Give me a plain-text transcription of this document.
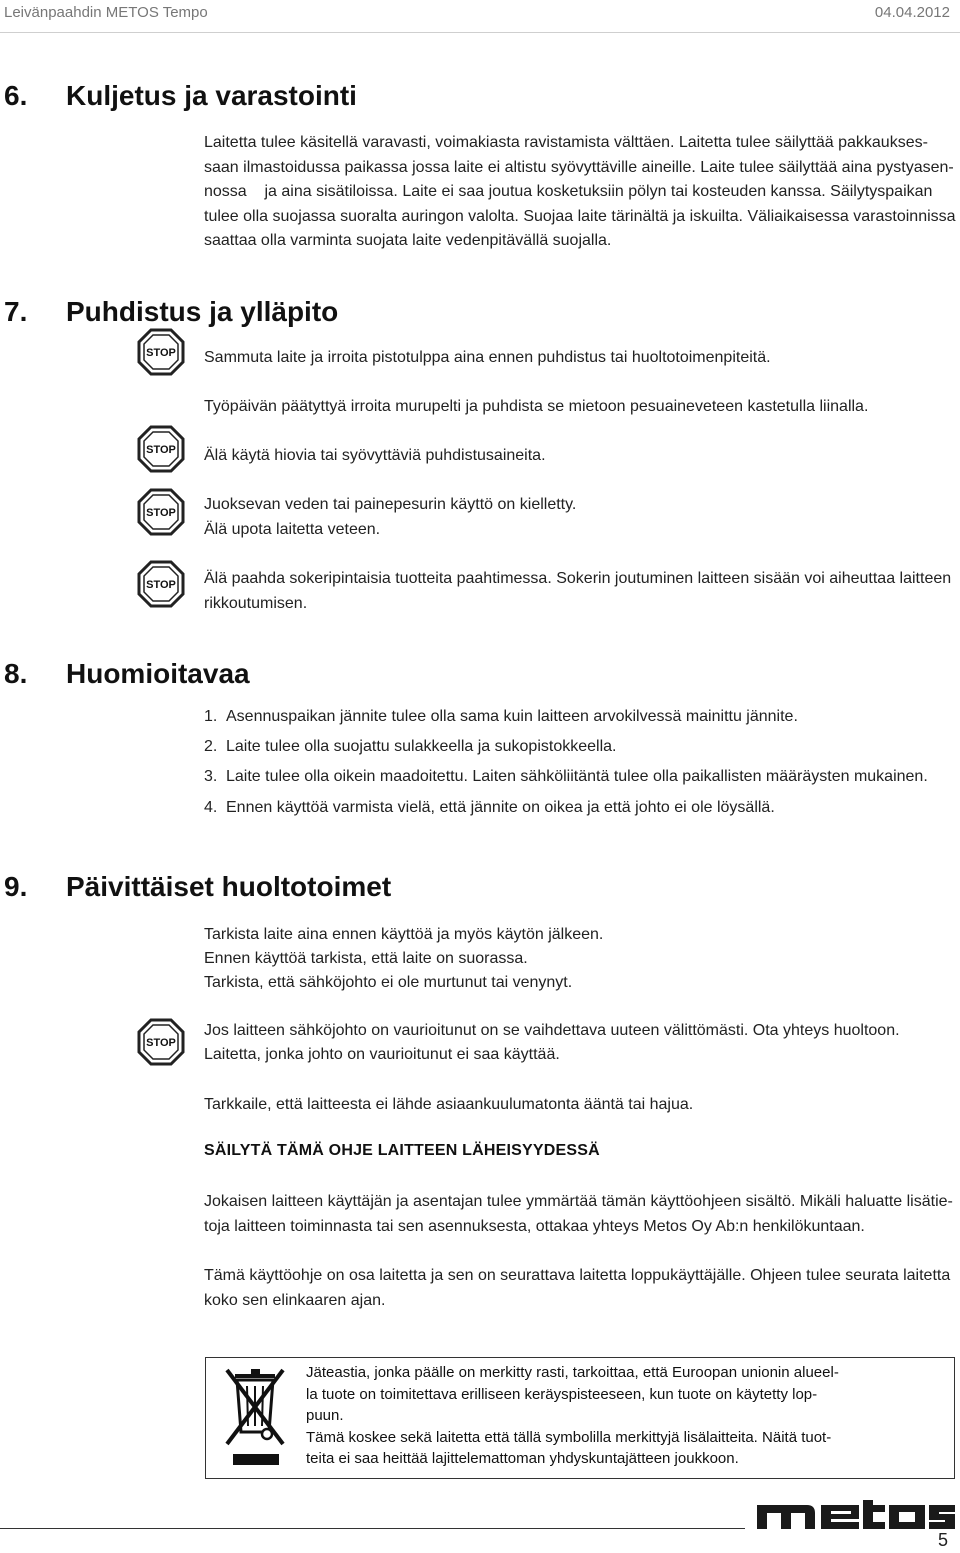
Leivänpaahdin METOS Tempo	04.04.2012
6. Kuljetus ja varastointi
Laitetta tulee käsitellä varavasti, voimakiasta ravistamista välttäen. Laitetta tulee säilyttää pakkaukses-
saan ilmastoidussa paikassa jossa laite ei altistu syövyttäville aineille. Laite tulee säilyttää aina pystyasen-
nossa    ja aina sisätiloissa. Laite ei saa joutua kosketuksiin pölyn tai kosteuden kanssa. Säilytyspaikan
tulee olla suojassa suoralta auringon valolta. Suojaa laite tärinältä ja iskuilta. Väliaikaisessa varastoinnissa
saattaa olla varminta suojata laite vedenpitävällä suojalla.
7. Puhdistus ja ylläpito
STOP Sammuta laite ja irroita pistotulppa aina ennen puhdistus tai huoltotoimenpiteitä.
Työpäivän päätyttyä irroita murupelti ja puhdista se mietoon pesuaineveteen kastetulla liinalla.
STOP Älä käytä hiovia tai syövyttäviä puhdistusaineita.
STOP Juoksevan veden tai painepesurin käyttö on kielletty.
Älä upota laitetta veteen.
STOP Älä paahda sokeripintaisia tuotteita paahtimessa. Sokerin joutuminen laitteen sisään voi aiheuttaa laitteen
rikkoutumisen.
8. Huomioitavaa
1. Asennuspaikan jännite tulee olla sama kuin laitteen arvokilvessä mainittu jännite.
2. Laite tulee olla suojattu sulakkeella ja sukopistokkeella.
3. Laite tulee olla oikein maadoitettu. Laiten sähköliitäntä tulee olla paikallisten määräysten mukainen.
4. Ennen käyttöä varmista vielä, että jännite on oikea ja että johto ei ole löysällä.
9. Päivittäiset huoltotoimet
Tarkista laite aina ennen käyttöä ja myös käytön jälkeen.
Ennen käyttöä tarkista, että laite on suorassa.
Tarkista, että sähköjohto ei ole murtunut tai venynyt.
STOP
Jos laitteen sähköjohto on vaurioitunut on se vaihdettava uuteen välittömästi. Ota yhteys huoltoon.
Laitetta, jonka johto on vaurioitunut ei saa käyttää.
Tarkkaile, että laitteesta ei lähde asiaankuulumatonta ääntä tai hajua.
SÄILYTÄ TÄMÄ OHJE LAITTEEN LÄHEISYYDESSÄ
Jokaisen laitteen käyttäjän ja asentajan tulee ymmärtää tämän käyttöohjeen sisältö. Mikäli haluatte lisätie-
toja laitteen toiminnasta tai sen asennuksesta, ottakaa yhteys Metos Oy Ab:n henkilökuntaan.
Tämä käyttöohje on osa laitetta ja sen on seurattava laitetta loppukäyttäjälle. Ohjeen tulee seurata laitetta
koko sen elinkaaren ajan.
Jäteastia, jonka päälle on merkitty rasti, tarkoittaa, että Euroopan unionin alueel-
la tuote on toimitettava erilliseen keräyspisteeseen, kun tuote on käytetty lop-
puun.
Tämä koskee sekä laitetta että tällä symbolilla merkittyjä lisälaitteita. Näitä tuot-
teita ei saa heittää lajittelemattoman yhdyskuntajätteen joukkoon.
5
